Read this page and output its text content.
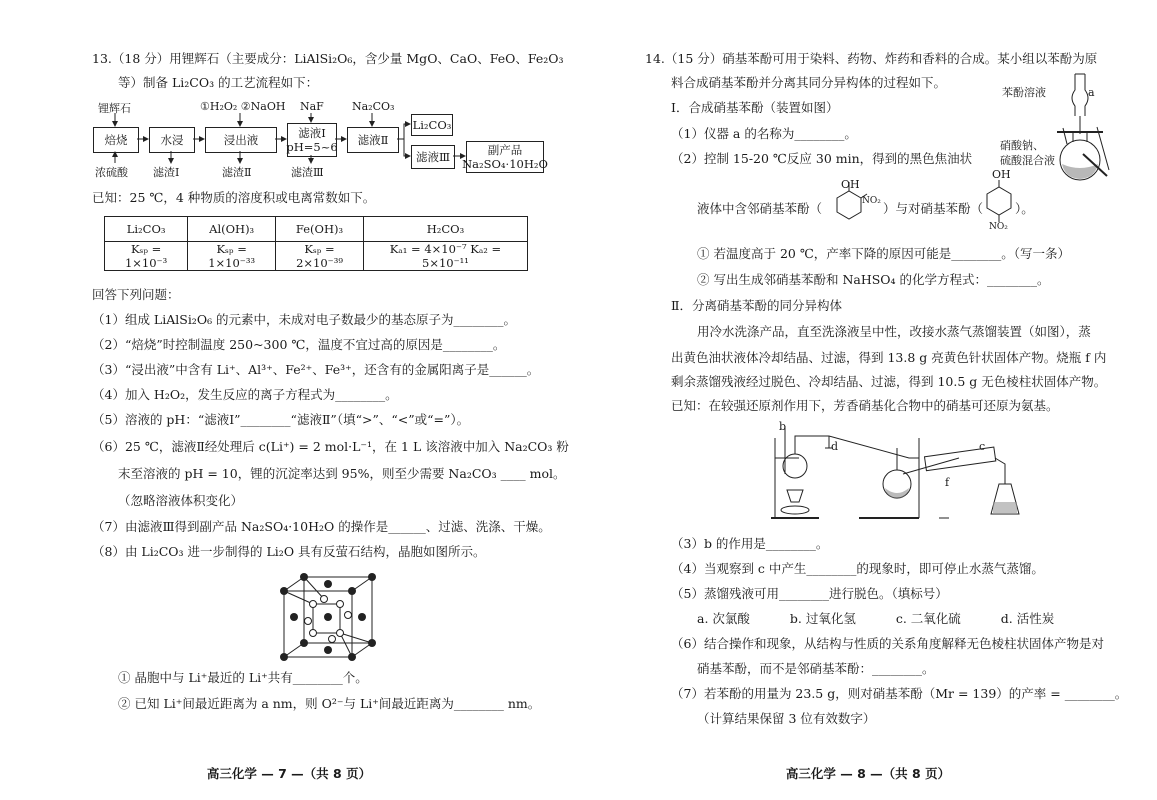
13.（18 分）用锂辉石（主要成分：LiAlSi₂O₆，含少量 MgO、CaO、FeO、Fe₂O₃
等）制备 Li₂CO₃ 的工艺流程如下：
锂辉石	①H₂O₂ ②NaOH NaF	Na₂CO₃
焙烧	水浸	浸出液	滤液Ⅰ
pH=5~6 滤液Ⅱ
Li₂CO₃
滤液Ⅲ	副产品
Na₂SO₄·10H₂O
浓硫酸 滤渣Ⅰ	滤渣Ⅱ	滤渣Ⅲ
已知：25 ℃，4 种物质的溶度积或电离常数如下。
Li₂CO₃	Al(OH)₃	Fe(OH)₃	H₂CO₃
Kₛₚ = 1×10⁻³	Kₛₚ = 1×10⁻³³	Kₛₚ = 2×10⁻³⁹	Kₐ₁ = 4×10⁻⁷ Kₐ₂ = 5×10⁻¹¹
回答下列问题：
（1）组成 LiAlSi₂O₆ 的元素中，未成对电子数最少的基态原子为________。
（2）“焙烧”时控制温度 250~300 ℃，温度不宜过高的原因是________。
（3）“浸出液”中含有 Li⁺、Al³⁺、Fe²⁺、Fe³⁺，还含有的金属阳离子是______。
（4）加入 H₂O₂，发生反应的离子方程式为________。
（5）溶液的 pH：“滤液Ⅰ”________“滤液Ⅱ”（填“>”、“<”或“=”）。
（6）25 ℃，滤液Ⅱ经处理后 c(Li⁺) = 2 mol·L⁻¹，在 1 L 该溶液中加入 Na₂CO₃ 粉
末至溶液的 pH = 10，锂的沉淀率达到 95%，则至少需要 Na₂CO₃ ____ mol。
（忽略溶液体积变化）
（7）由滤液Ⅲ得到副产品 Na₂SO₄·10H₂O 的操作是______、过滤、洗涤、干燥。
（8）由 Li₂CO₃ 进一步制得的 Li₂O 具有反萤石结构，晶胞如图所示。
① 晶胞中与 Li⁺最近的 Li⁺共有________个。
② 已知 Li⁺间最近距离为 a nm，则 O²⁻与 Li⁺间最近距离为________ nm。
高三化学 — 7 —（共 8 页）
14.（15 分）硝基苯酚可用于染料、药物、炸药和香料的合成。某小组以苯酚为原
料合成硝基苯酚并分离其同分异构体的过程如下。
Ⅰ．合成硝基苯酚（装置如图）
（1）仪器 a 的名称为________。
（2）控制 15-20 ℃反应 30 min，得到的黑色焦油状
苯酚溶液	a
硝酸钠、
硫酸混合液
液体中含邻硝基苯酚（
OH
NO₂ ）与对硝基苯酚（
OH
NO₂
）。
① 若温度高于 20 ℃，产率下降的原因可能是________。（写一条）
② 写出生成邻硝基苯酚和 NaHSO₄ 的化学方程式：________。
Ⅱ．分离硝基苯酚的同分异构体
用冷水洗涤产品，直至洗涤液呈中性，改接水蒸气蒸馏装置（如图），蒸
出黄色油状液体冷却结晶、过滤，得到 13.8 g 亮黄色针状固体产物。烧瓶 f 内
剩余蒸馏残液经过脱色、冷却结晶、过滤，得到 10.5 g 无色棱柱状固体产物。
已知：在较强还原剂作用下，芳香硝基化合物中的硝基可还原为氨基。
b
d	c
f
（3）b 的作用是________。
（4）当观察到 c 中产生________的现象时，即可停止水蒸气蒸馏。
（5）蒸馏残液可用________进行脱色。（填标号）
a. 次氯酸	b. 过氧化氢	c. 二氧化硫	d. 活性炭
（6）结合操作和现象，从结构与性质的关系角度解释无色棱柱状固体产物是对
硝基苯酚，而不是邻硝基苯酚：________。
（7）若苯酚的用量为 23.5 g，则对硝基苯酚（Mr = 139）的产率 = ________。
（计算结果保留 3 位有效数字）
高三化学 — 8 —（共 8 页）
